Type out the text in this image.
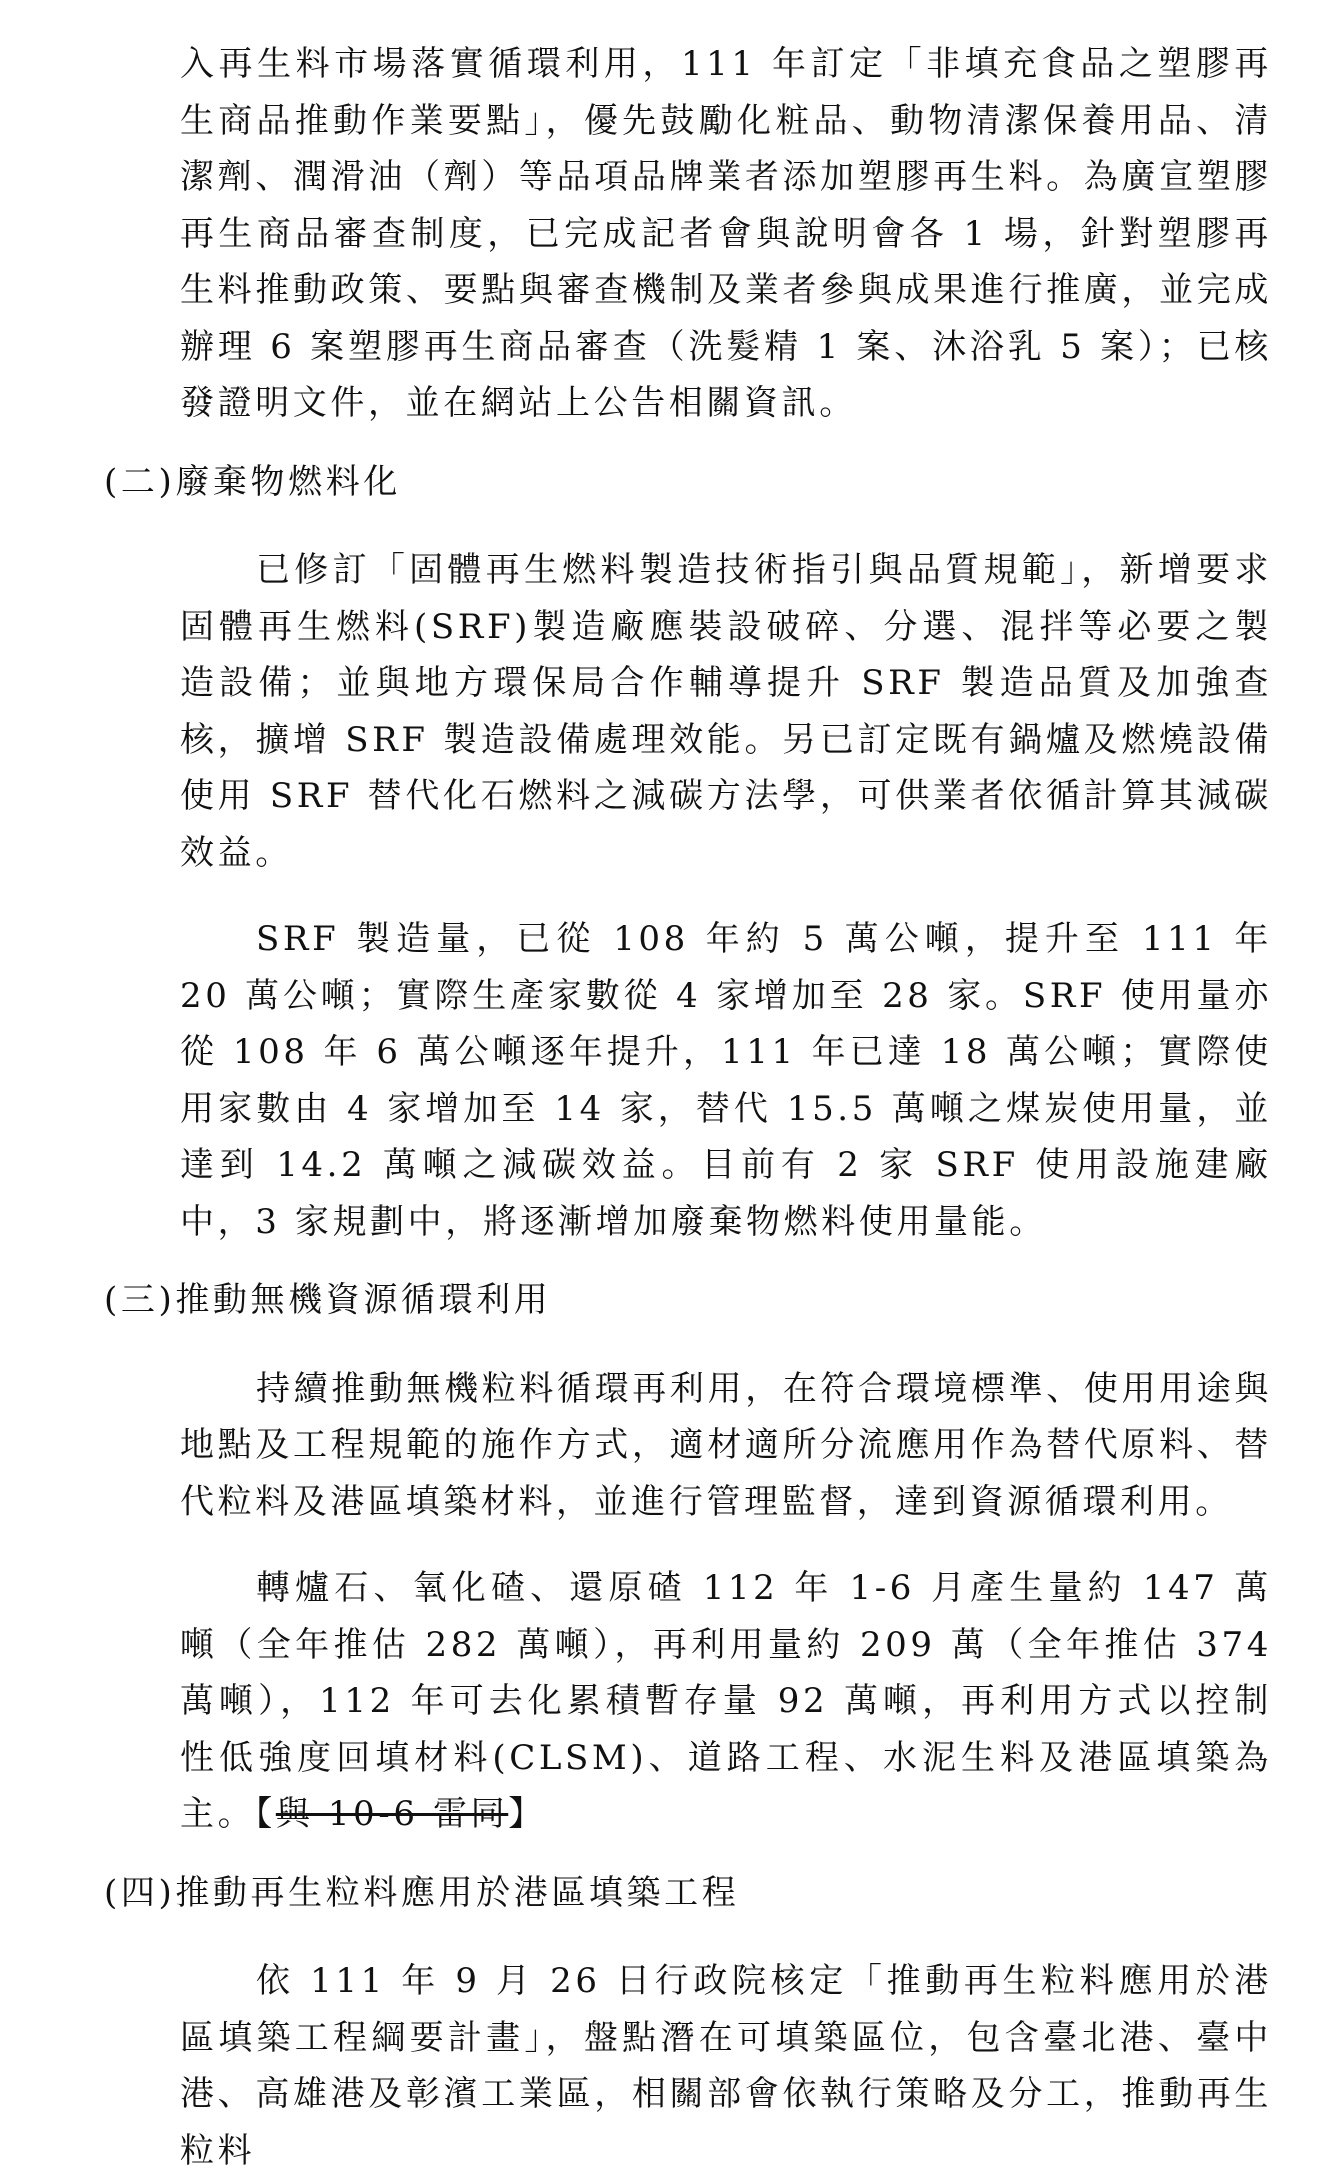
入再生料市場落實循環利用，111 年訂定「非填充食品之塑膠再生商品推動作業要點」，優先鼓勵化粧品、動物清潔保養用品、清潔劑、潤滑油（劑）等品項品牌業者添加塑膠再生料。為廣宣塑膠再生商品審查制度，已完成記者會與說明會各 1 場，針對塑膠再生料推動政策、要點與審查機制及業者參與成果進行推廣，並完成辦理 6 案塑膠再生商品審查（洗髮精 1 案、沐浴乳 5 案）；已核發證明文件，並在網站上公告相關資訊。

(二)廢棄物燃料化

已修訂「固體再生燃料製造技術指引與品質規範」，新增要求固體再生燃料(SRF)製造廠應裝設破碎、分選、混拌等必要之製造設備；並與地方環保局合作輔導提升 SRF 製造品質及加強查核，擴增 SRF 製造設備處理效能。另已訂定既有鍋爐及燃燒設備使用 SRF 替代化石燃料之減碳方法學，可供業者依循計算其減碳效益。

SRF 製造量，已從 108 年約 5 萬公噸，提升至 111 年 20 萬公噸；實際生產家數從 4 家增加至 28 家。SRF 使用量亦從 108 年 6 萬公噸逐年提升，111 年已達 18 萬公噸；實際使用家數由 4 家增加至 14 家，替代 15.5 萬噸之煤炭使用量，並達到 14.2 萬噸之減碳效益。目前有 2 家 SRF 使用設施建廠中，3 家規劃中，將逐漸增加廢棄物燃料使用量能。

(三)推動無機資源循環利用

持續推動無機粒料循環再利用，在符合環境標準、使用用途與地點及工程規範的施作方式，適材適所分流應用作為替代原料、替代粒料及港區填築材料，並進行管理監督，達到資源循環利用。

轉爐石、氧化碴、還原碴 112 年 1-6 月產生量約 147 萬噸（全年推估 282 萬噸），再利用量約 209 萬（全年推估 374 萬噸），112 年可去化累積暫存量 92 萬噸，再利用方式以控制性低強度回填材料(CLSM)、道路工程、水泥生料及港區填築為主。【與 10-6 雷同】

(四)推動再生粒料應用於港區填築工程

依 111 年 9 月 26 日行政院核定「推動再生粒料應用於港區填築工程綱要計畫」，盤點潛在可填築區位，包含臺北港、臺中港、高雄港及彰濱工業區，相關部會依執行策略及分工，推動再生粒料
